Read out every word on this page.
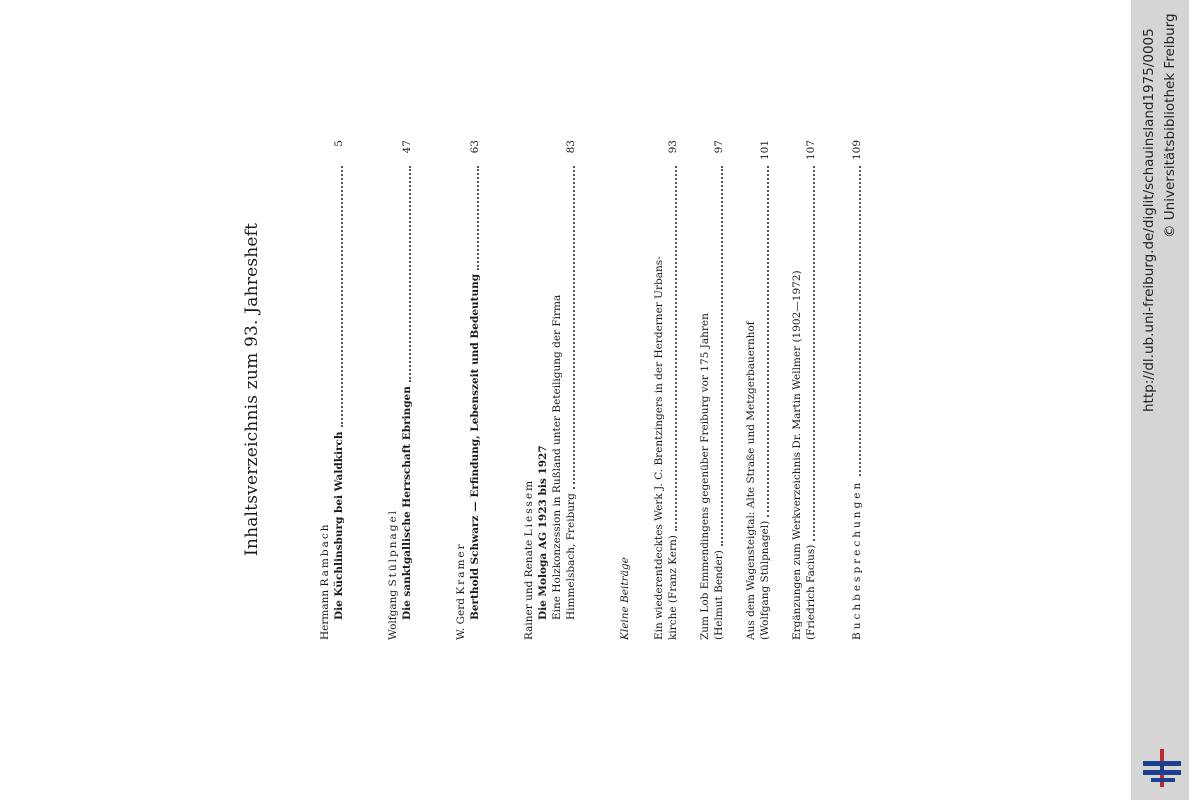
Inhaltsverzeichnis zum 93. Jahresheft
Hermann Rambach Die Küchlinsburg bei Waldkirch
5
Wolfgang Stülpnagel Die sanktgallische Herrschaft Ebringen
47
W. Gerd Kramer Berthold Schwarz — Erfindung, Lebenszeit und Bedeutung
63
Rainer und Renate Liessem Die Mologa AG 1923 bis 1927 Eine Holzkonzession in Rußland unter Beteiligung der Firma Himmelsbach, Freiburg
83
Kleine Beiträge Ein wiederentdecktes Werk J. C. Brentzingers in der Herderner Urbans- kirche (Franz Kern)
93
Zum Lob Emmendingens gegenüber Freiburg vor 175 Jahren (Helmut Bender)
97
Aus dem Wagensteigtal: Alte Straße und Metzgerbauernhof (Wolfgang Stülpnagel)
101
Ergänzungen zum Werkverzeichnis Dr. Martin Wellmer (1902—1972) (Friedrich Facius)
107
Buchbesprechungen
109	http://dl.ub.uni-freiburg.de/diglit/schauinsland1975/0005 © Universitätsbibliothek Freiburg
